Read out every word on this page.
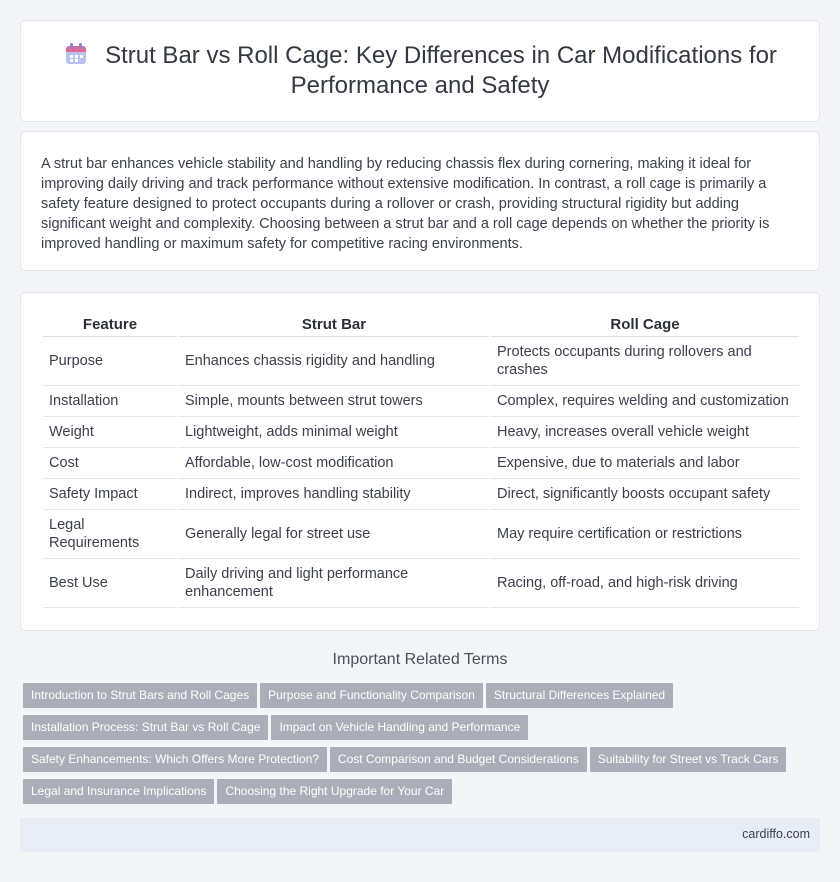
Strut Bar vs Roll Cage: Key Differences in Car Modifications for Performance and Safety

A strut bar enhances vehicle stability and handling by reducing chassis flex during cornering, making it ideal for improving daily driving and track performance without extensive modification. In contrast, a roll cage is primarily a safety feature designed to protect occupants during a rollover or crash, providing structural rigidity but adding significant weight and complexity. Choosing between a strut bar and a roll cage depends on whether the priority is improved handling or maximum safety for competitive racing environments.

Feature	Strut Bar	Roll Cage
Purpose	Enhances chassis rigidity and handling	Protects occupants during rollovers and crashes
Installation	Simple, mounts between strut towers	Complex, requires welding and customization
Weight	Lightweight, adds minimal weight	Heavy, increases overall vehicle weight
Cost	Affordable, low-cost modification	Expensive, due to materials and labor
Safety Impact	Indirect, improves handling stability	Direct, significantly boosts occupant safety
Legal Requirements	Generally legal for street use	May require certification or restrictions
Best Use	Daily driving and light performance enhancement	Racing, off-road, and high-risk driving
Important Related Terms
Introduction to Strut Bars and Roll Cages Purpose and Functionality Comparison Structural Differences Explained
Installation Process: Strut Bar vs Roll Cage Impact on Vehicle Handling and Performance
Safety Enhancements: Which Offers More Protection? Cost Comparison and Budget Considerations Suitability for Street vs Track Cars
Legal and Insurance Implications Choosing the Right Upgrade for Your Car
cardiffo.com
